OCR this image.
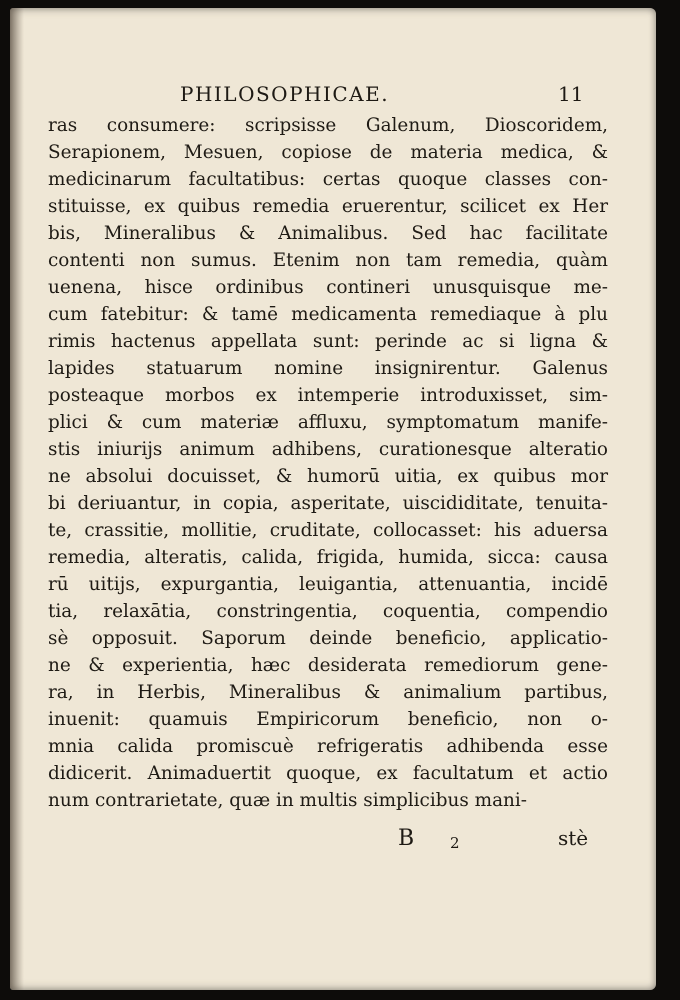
PHILOSOPHICAE.	11
ras consumere: scripsisse Galenum, Dioscoridem,
Serapionem, Mesuen, copiose de materia medica, &
medicinarum facultatibus: certas quoque classes con-
stituisse, ex quibus remedia eruerentur, scilicet ex Her
bis, Mineralibus & Animalibus. Sed hac facilitate
contenti non sumus. Etenim non tam remedia, quàm
uenena, hisce ordinibus contineri unusquisque me-
cum fatebitur: & tamē medicamenta remediaque à plu
rimis hactenus appellata sunt: perinde ac si ligna &
lapides statuarum nomine insignirentur. Galenus
posteaque morbos ex intemperie introduxisset, sim-
plici & cum materiæ affluxu, symptomatum manife-
stis iniurijs animum adhibens, curationesque alteratio
ne absolui docuisset, & humorū uitia, ex quibus mor
bi deriuantur, in copia, asperitate, uiscididitate, tenuita-
te, crassitie, mollitie, cruditate, collocasset: his aduersa
remedia, alteratis, calida, frigida, humida, sicca: causa
rū uitijs, expurgantia, leuigantia, attenuantia, incidē
tia, relaxātia, constringentia, coquentia, compendio
sè opposuit. Saporum deinde beneficio, applicatio-
ne & experientia, hæc desiderata remediorum gene-
ra, in Herbis, Mineralibus & animalium partibus,
inuenit: quamuis Empiricorum beneficio, non o-
mnia calida promiscuè refrigeratis adhibenda esse
didicerit. Animaduertit quoque, ex facultatum et actio
num contrarietate, quæ in multis simplicibus mani-
B 2	stè
